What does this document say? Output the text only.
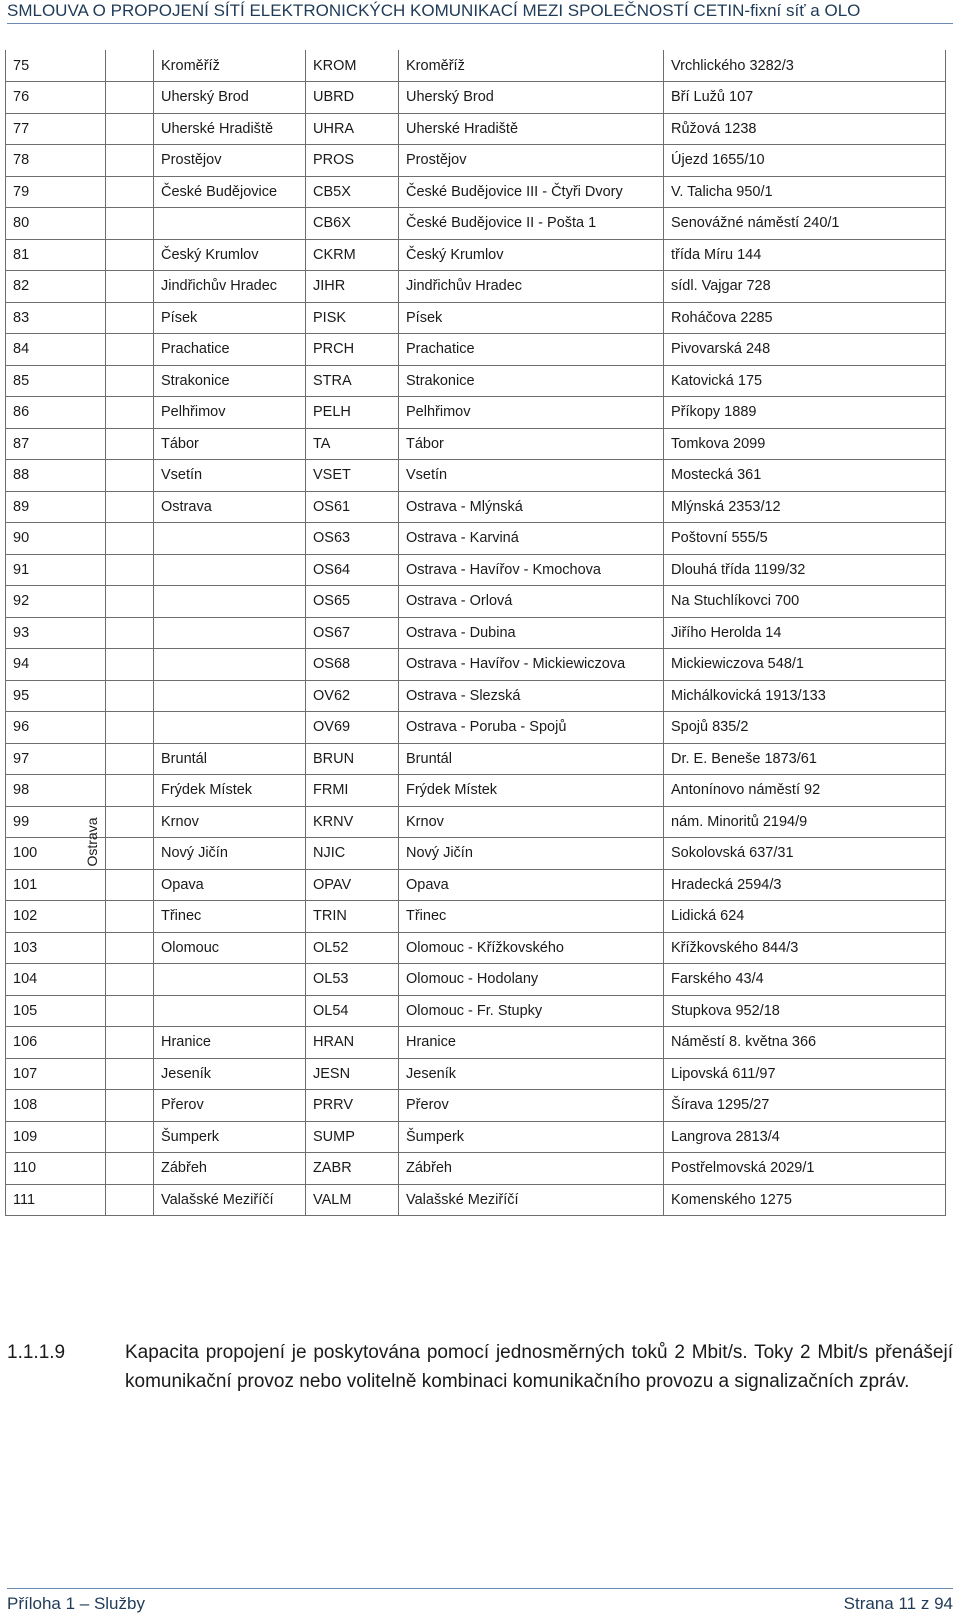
SMLOUVA O PROPOJENÍ SÍTÍ ELEKTRONICKÝCH KOMUNIKACÍ MEZI SPOLEČNOSTÍ CETIN-fixní síť a OLO
75		Kroměříž	KROM	Kroměříž	Vrchlického 3282/3
76		Uherský Brod	UBRD	Uherský Brod	Bří Lužů 107
77		Uherské Hradiště	UHRA	Uherské Hradiště	Růžová 1238
78		Prostějov	PROS	Prostějov	Újezd 1655/10
79		České Budějovice	CB5X	České Budějovice III - Čtyři Dvory	V. Talicha 950/1
80			CB6X	České Budějovice II - Pošta 1	Senovážné náměstí 240/1
81		Český Krumlov	CKRM	Český Krumlov	třída Míru 144
82		Jindřichův Hradec	JIHR	Jindřichův Hradec	sídl. Vajgar 728
83		Písek	PISK	Písek	Roháčova 2285
84		Prachatice	PRCH	Prachatice	Pivovarská 248
85		Strakonice	STRA	Strakonice	Katovická 175
86		Pelhřimov	PELH	Pelhřimov	Příkopy 1889
87		Tábor	TA	Tábor	Tomkova 2099
88		Vsetín	VSET	Vsetín	Mostecká 361
89		Ostrava	OS61	Ostrava - Mlýnská	Mlýnská 2353/12
90			OS63	Ostrava - Karviná	Poštovní 555/5
91			OS64	Ostrava - Havířov - Kmochova	Dlouhá třída 1199/32
92			OS65	Ostrava - Orlová	Na Stuchlíkovci 700
93			OS67	Ostrava - Dubina	Jiřího Herolda 14
94			OS68	Ostrava - Havířov - Mickiewiczova	Mickiewiczova 548/1
95			OV62	Ostrava - Slezská	Michálkovická 1913/133
96			OV69	Ostrava - Poruba - Spojů	Spojů 835/2
97		Bruntál	BRUN	Bruntál	Dr. E. Beneše 1873/61
98		Frýdek Místek	FRMI	Frýdek Místek	Antonínovo náměstí 92
99		Krnov	KRNV	Krnov	nám. Minoritů 2194/9
100		Nový Jičín	NJIC	Nový Jičín	Sokolovská 637/31
101		Opava	OPAV	Opava	Hradecká 2594/3
102		Třinec	TRIN	Třinec	Lidická 624
103		Olomouc	OL52	Olomouc - Křížkovského	Křížkovského 844/3
104			OL53	Olomouc - Hodolany	Farského 43/4
105			OL54	Olomouc - Fr. Stupky	Stupkova 952/18
106		Hranice	HRAN	Hranice	Náměstí 8. května 366
107		Jeseník	JESN	Jeseník	Lipovská 611/97
108		Přerov	PRRV	Přerov	Šírava 1295/27
109		Šumperk	SUMP	Šumperk	Langrova 2813/4
110		Zábřeh	ZABR	Zábřeh	Postřelmovská 2029/1
111		Valašské Meziříčí	VALM	Valašské Meziříčí	Komenského 1275
Ostrava
1.1.1.9	Kapacita propojení je poskytována pomocí jednosměrných toků 2 Mbit/s. Toky 2 Mbit/s přenášejí komunikační provoz nebo volitelně kombinaci komunikačního provozu a signalizačních zpráv.
Příloha 1 – Služby	Strana 11 z 94
